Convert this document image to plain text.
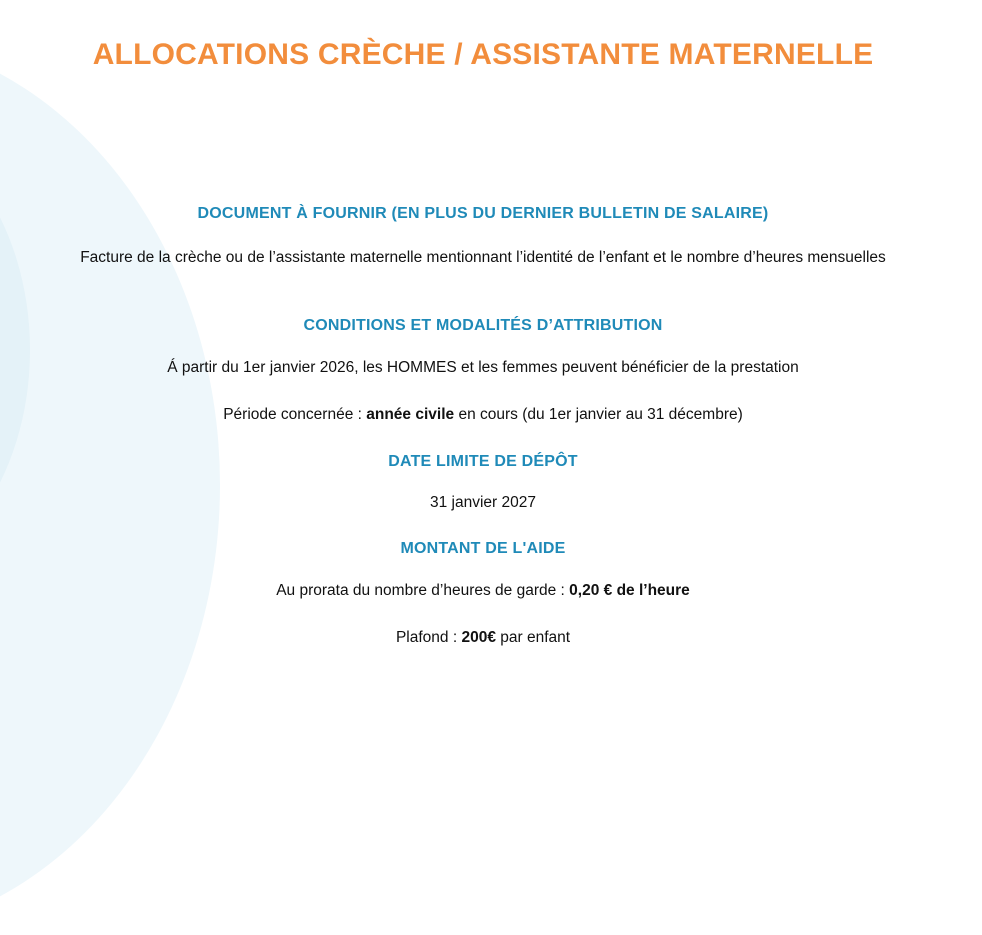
ALLOCATIONS CRÈCHE / ASSISTANTE MATERNELLE
DOCUMENT À FOURNIR (EN PLUS DU DERNIER BULLETIN DE SALAIRE)
Facture de la crèche ou de l’assistante maternelle mentionnant l’identité de l’enfant et le nombre d’heures mensuelles
CONDITIONS ET MODALITÉS D’ATTRIBUTION
Á partir du 1er janvier 2026, les HOMMES et les femmes peuvent bénéficier de la prestation
Période concernée : année civile en cours (du 1er janvier au 31 décembre)
DATE LIMITE DE DÉPÔT
31 janvier 2027
MONTANT DE L'AIDE
Au prorata du nombre d’heures de garde : 0,20 € de l’heure
Plafond : 200€ par enfant
